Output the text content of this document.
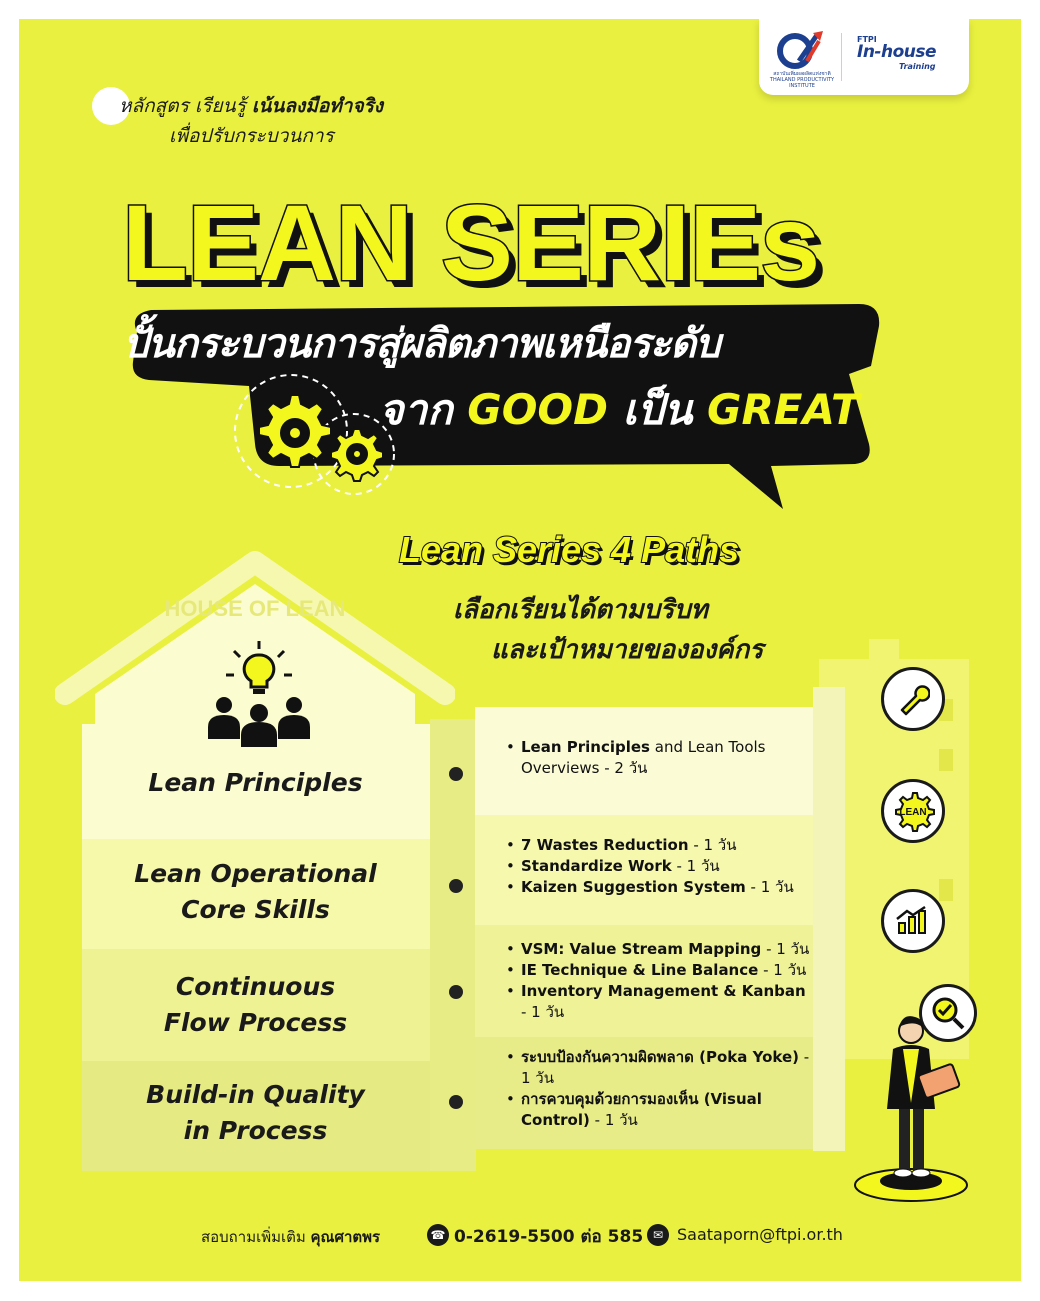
สถาบันเพิ่มผลผลิตแห่งชาติ THAILAND PRODUCTIVITY INSTITUTE
FTPI
In-house
Training
หลักสูตร เรียนรู้ เน้นลงมือทำจริง
เพื่อปรับกระบวนการ
LEAN SERIEs
ปั้นกระบวนการสู่ผลิตภาพเหนือระดับ
จาก GOOD เป็น GREAT
Lean Series 4 Paths
เลือกเรียนได้ตามบริบท
และเป้าหมายขององค์กร
HOUSE OF LEAN
Lean Principles
Lean Operational
Core Skills
Continuous
Flow Process
Build-in Quality
in Process
• Lean Principles and Lean Tools Overviews - 2 วัน
• 7 Wastes Reduction - 1 วัน
• Standardize Work - 1 วัน
• Kaizen Suggestion System - 1 วัน
• VSM: Value Stream Mapping - 1 วัน
• IE Technique & Line Balance - 1 วัน
• Inventory Management & Kanban - 1 วัน
• ระบบป้องกันความผิดพลาด (Poka Yoke) - 1 วัน
• การควบคุมด้วยการมองเห็น (Visual Control) - 1 วัน
LEAN
สอบถามเพิ่มเติม คุณศาตพร	☎ 0-2619-5500 ต่อ 585 ✉ Saataporn@ftpi.or.th
